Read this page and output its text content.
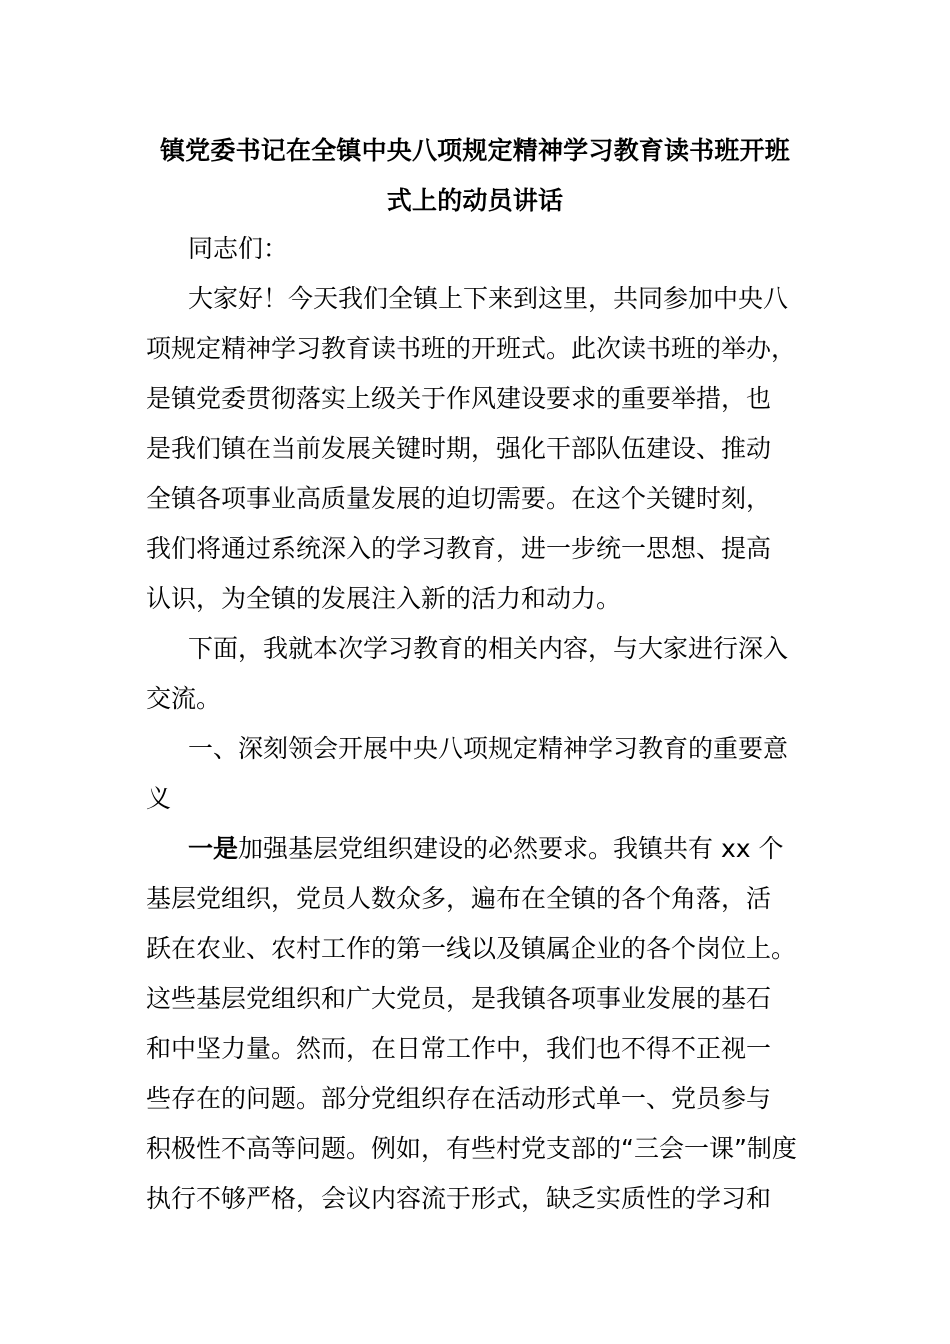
镇党委书记在全镇中央八项规定精神学习教育读书班开班
式上的动员讲话
同志们：
大家好！今天我们全镇上下来到这里，共同参加中央八
项规定精神学习教育读书班的开班式。此次读书班的举办，
是镇党委贯彻落实上级关于作风建设要求的重要举措，也
是我们镇在当前发展关键时期，强化干部队伍建设、推动
全镇各项事业高质量发展的迫切需要。在这个关键时刻，
我们将通过系统深入的学习教育，进一步统一思想、提高
认识，为全镇的发展注入新的活力和动力。
下面，我就本次学习教育的相关内容，与大家进行深入
交流。
一、深刻领会开展中央八项规定精神学习教育的重要意
义
一是加强基层党组织建设的必然要求。我镇共有 xx 个
基层党组织，党员人数众多，遍布在全镇的各个角落，活
跃在农业、农村工作的第一线以及镇属企业的各个岗位上。
这些基层党组织和广大党员，是我镇各项事业发展的基石
和中坚力量。然而，在日常工作中，我们也不得不正视一
些存在的问题。部分党组织存在活动形式单一、党员参与
积极性不高等问题。例如，有些村党支部的“三会一课”制度
执行不够严格，会议内容流于形式，缺乏实质性的学习和
